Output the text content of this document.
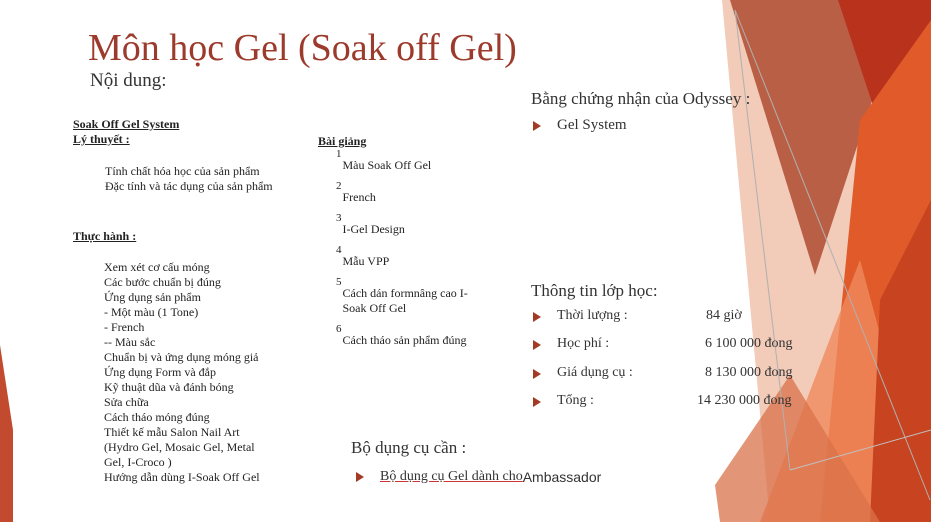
Môn học Gel (Soak off Gel)
Nội dung:
Soak Off Gel System
Lý thuyết :
Tính chất hóa học của sản phẩm
Đặc tính và tác dụng của sản phẩm
Thực hành :
Xem xét cơ cấu móng
Các bước chuẩn bị đúng
Ứng dụng sản phẩm
- Một màu (1 Tone)
- French
-- Màu sắc
Chuẩn bị và ứng dụng móng giả
Ứng dụng Form và đắp
Kỹ thuật dũa và đánh bóng
Sửa chữa
Cách tháo móng đúng
Thiết kế mẫu Salon Nail Art
(Hydro Gel, Mosaic Gel, Metal
Gel, I-Croco )
Hướng dẫn dùng I-Soak Off Gel
Bài giảng
1
Màu Soak Off Gel
2
French
3
I-Gel Design
4
Mẫu VPP
5
Cách dán formnâng cao I-
Soak Off Gel
6
Cách tháo sản phẩm đúng
Bằng chứng nhận của Odyssey :
Gel System
Thông tin lớp học:
Thời lượng :	84 giờ
Học phí :	6 100 000 đong
Giá dụng cụ :	8 130 000 đong
Tổng :	14 230 000 đong
Bộ dụng cụ cần :
Bộ dụng cụ Gel dành cho Ambassador
